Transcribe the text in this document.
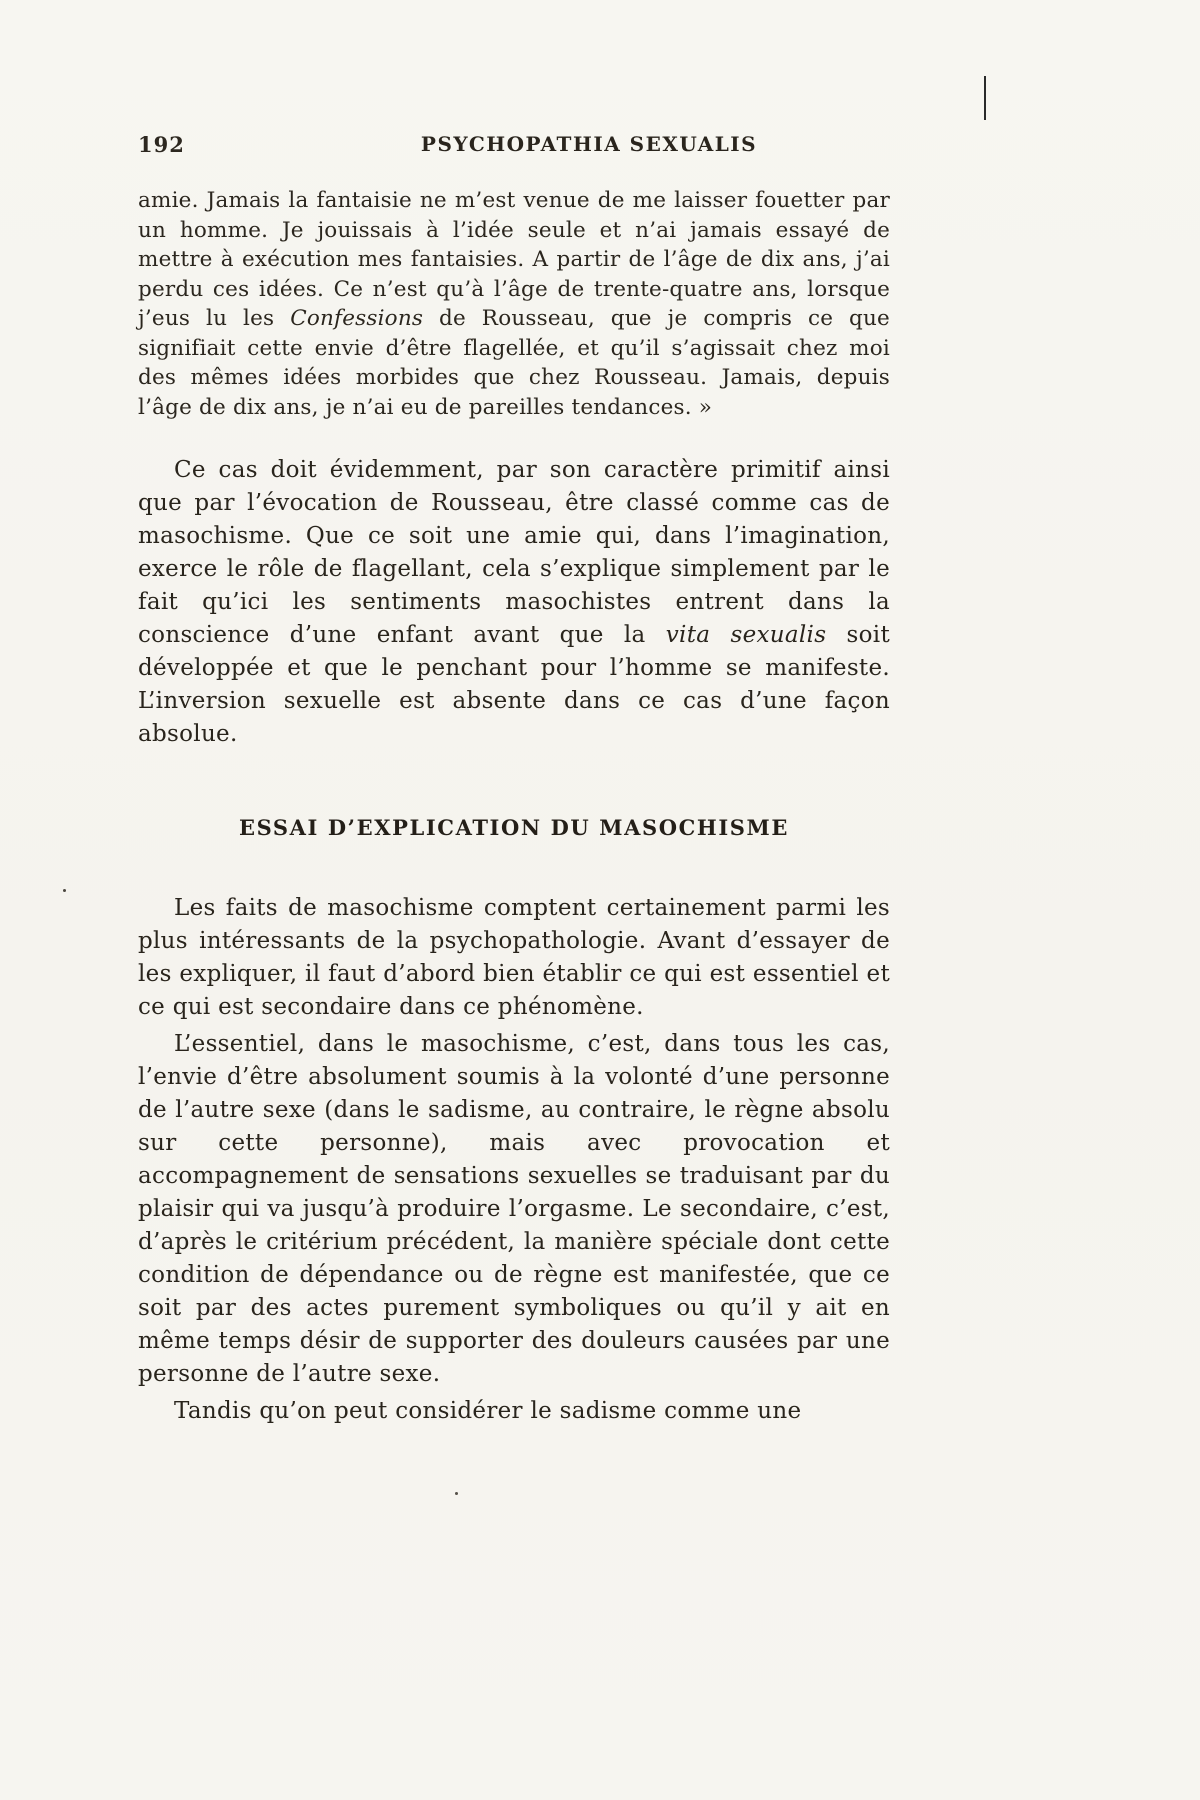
192	PSYCHOPATHIA SEXUALIS

amie. Jamais la fantaisie ne m’est venue de me laisser fouetter par un homme. Je jouissais à l’idée seule et n’ai jamais essayé de mettre à exécution mes fantaisies. A partir de l’âge de dix ans, j’ai perdu ces idées. Ce n’est qu’à l’âge de trente-quatre ans, lorsque j’eus lu les Confessions de Rousseau, que je compris ce que signifiait cette envie d’être flagellée, et qu’il s’agissait chez moi des mêmes idées morbides que chez Rousseau. Jamais, depuis l’âge de dix ans, je n’ai eu de pareilles tendances. »

Ce cas doit évidemment, par son caractère primitif ainsi que par l’évocation de Rousseau, être classé comme cas de masochisme. Que ce soit une amie qui, dans l’imagination, exerce le rôle de flagellant, cela s’explique simplement par le fait qu’ici les sentiments masochistes entrent dans la conscience d’une enfant avant que la vita sexualis soit développée et que le penchant pour l’homme se manifeste. L’inversion sexuelle est absente dans ce cas d’une façon absolue.

ESSAI D’EXPLICATION DU MASOCHISME

Les faits de masochisme comptent certainement parmi les plus intéressants de la psychopathologie. Avant d’essayer de les expliquer, il faut d’abord bien établir ce qui est essentiel et ce qui est secondaire dans ce phénomène.

L’essentiel, dans le masochisme, c’est, dans tous les cas, l’envie d’être absolument soumis à la volonté d’une personne de l’autre sexe (dans le sadisme, au contraire, le règne absolu sur cette personne), mais avec provocation et accompagnement de sensations sexuelles se traduisant par du plaisir qui va jusqu’à produire l’orgasme. Le secondaire, c’est, d’après le critérium précédent, la manière spéciale dont cette condition de dépendance ou de règne est manifestée, que ce soit par des actes purement symboliques ou qu’il y ait en même temps désir de supporter des douleurs causées par une personne de l’autre sexe.

Tandis qu’on peut considérer le sadisme comme une
